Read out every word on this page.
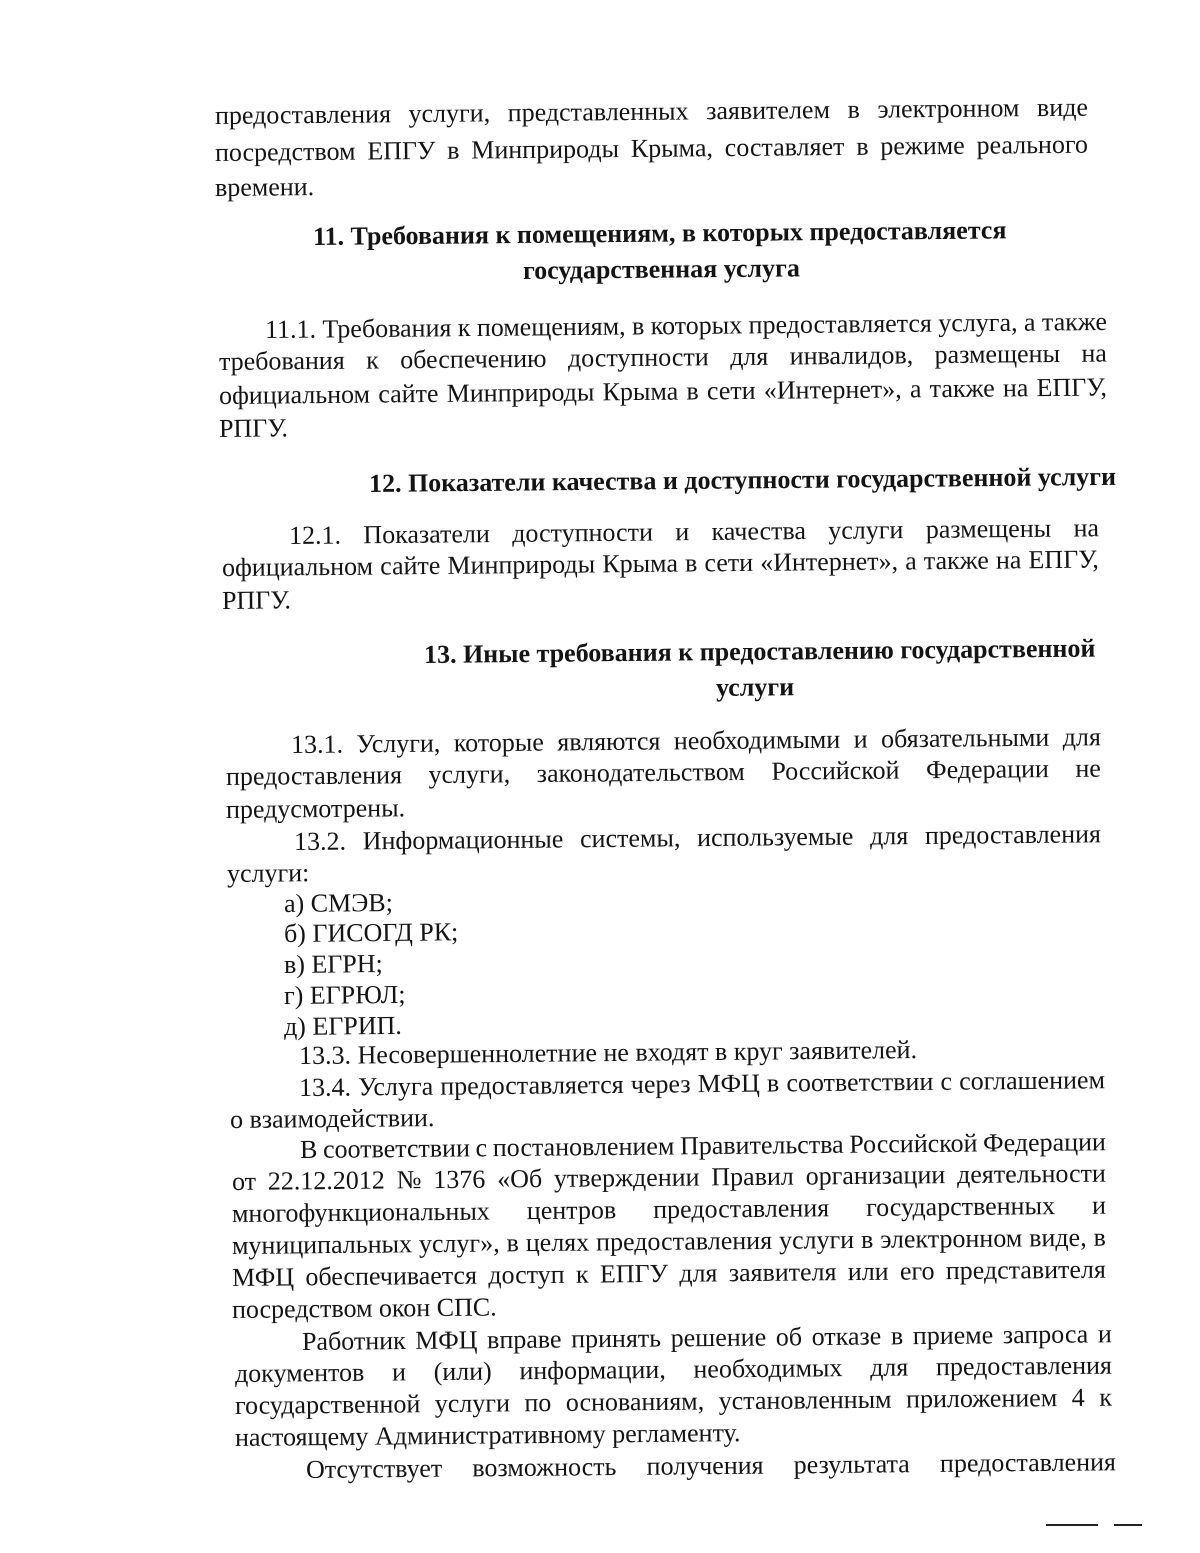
предоставления услуги, представленных заявителем в электронном виде
посредством ЕПГУ в Минприроды Крыма, составляет в режиме реального
времени.
11. Требования к помещениям, в которых предоставляется
государственная услуга
11.1. Требования к помещениям, в которых предоставляется услуга, а также
требования к обеспечению доступности для инвалидов, размещены на
официальном сайте Минприроды Крыма в сети «Интернет», а также на ЕПГУ,
РПГУ.
12. Показатели качества и доступности государственной услуги
12.1. Показатели доступности и качества услуги размещены на
официальном сайте Минприроды Крыма в сети «Интернет», а также на ЕПГУ,
РПГУ.
13. Иные требования к предоставлению государственной
услуги
13.1. Услуги, которые являются необходимыми и обязательными для
предоставления услуги, законодательством Российской Федерации не
предусмотрены.
13.2. Информационные системы, используемые для предоставления
услуги:
а) СМЭВ;
б) ГИСОГД РК;
в) ЕГРН;
г) ЕГРЮЛ;
д) ЕГРИП.
13.3. Несовершеннолетние не входят в круг заявителей.
13.4. Услуга предоставляется через МФЦ в соответствии с соглашением
о взаимодействии.
В соответствии с постановлением Правительства Российской Федерации
от 22.12.2012 № 1376 «Об утверждении Правил организации деятельности
многофункциональных центров предоставления государственных и
муниципальных услуг», в целях предоставления услуги в электронном виде, в
МФЦ обеспечивается доступ к ЕПГУ для заявителя или его представителя
посредством окон СПС.
Работник МФЦ вправе принять решение об отказе в приеме запроса и
документов и (или) информации, необходимых для предоставления
государственной услуги по основаниям, установленным приложением 4 к
настоящему Административному регламенту.
Отсутствует возможность получения результата предоставления
